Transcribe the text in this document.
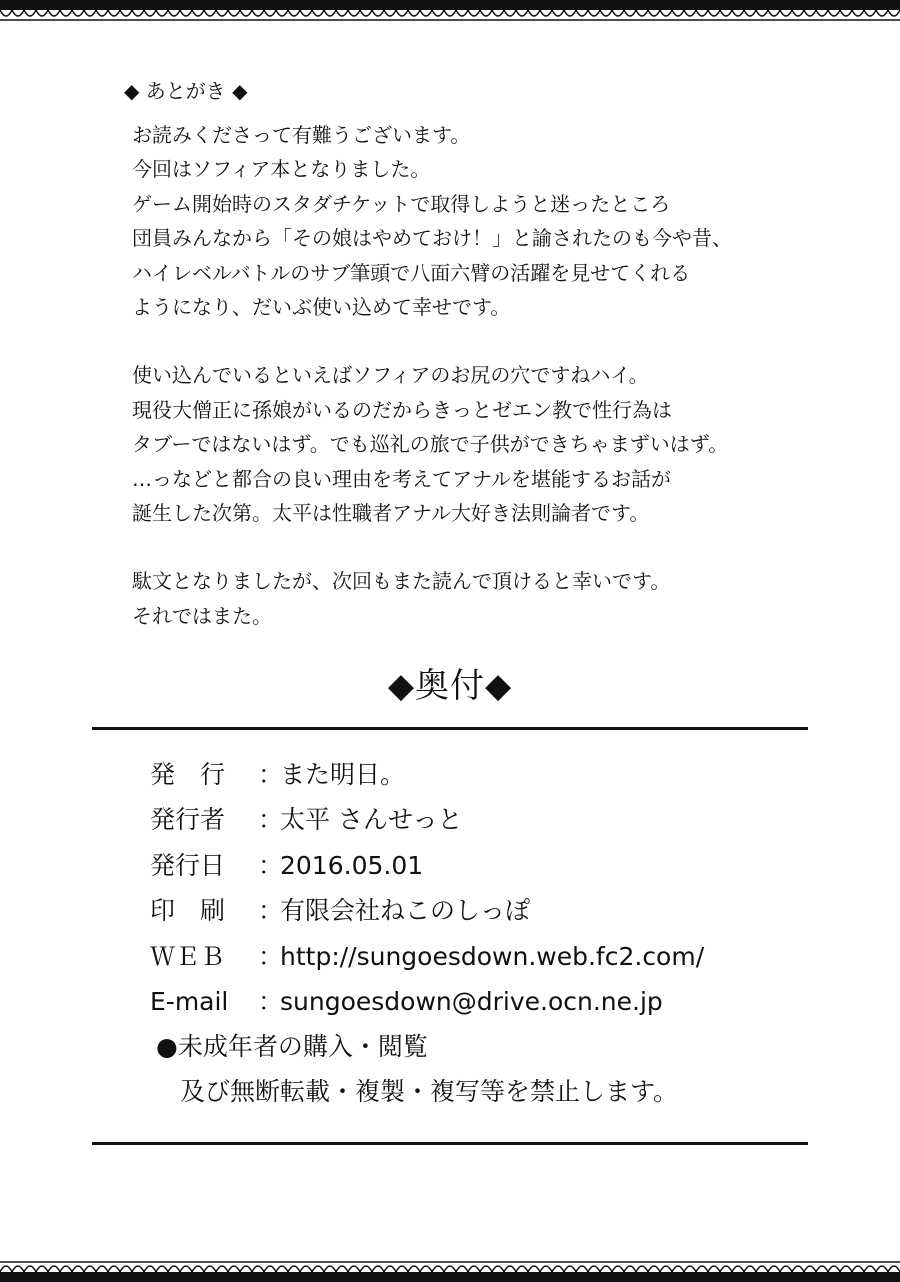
◆ あとがき ◆
お読みくださって有難うございます。
今回はソフィア本となりました。
ゲーム開始時のスタダチケットで取得しようと迷ったところ
団員みんなから「その娘はやめておけ！」と諭されたのも今や昔、
ハイレベルバトルのサブ筆頭で八面六臂の活躍を見せてくれる
ようになり、だいぶ使い込めて幸せです。
使い込んでいるといえばソフィアのお尻の穴ですねハイ。
現役大僧正に孫娘がいるのだからきっとゼエン教で性行為は
タブーではないはず。でも巡礼の旅で子供ができちゃまずいはず。
…っなどと都合の良い理由を考えてアナルを堪能するお話が
誕生した次第。太平は性職者アナル大好き法則論者です。
駄文となりましたが、次回もまた読んで頂けると幸いです。
それではまた。
◆奥付◆
発　行 ：また明日。
発行者 ：太平 さんせっと
発行日 ：2016.05.01
印　刷 ：有限会社ねこのしっぽ
ＷＥＢ ：http://sungoesdown.web.fc2.com/
E-mail ：sungoesdown@drive.ocn.ne.jp
●未成年者の購入・閲覧
及び無断転載・複製・複写等を禁止します。
